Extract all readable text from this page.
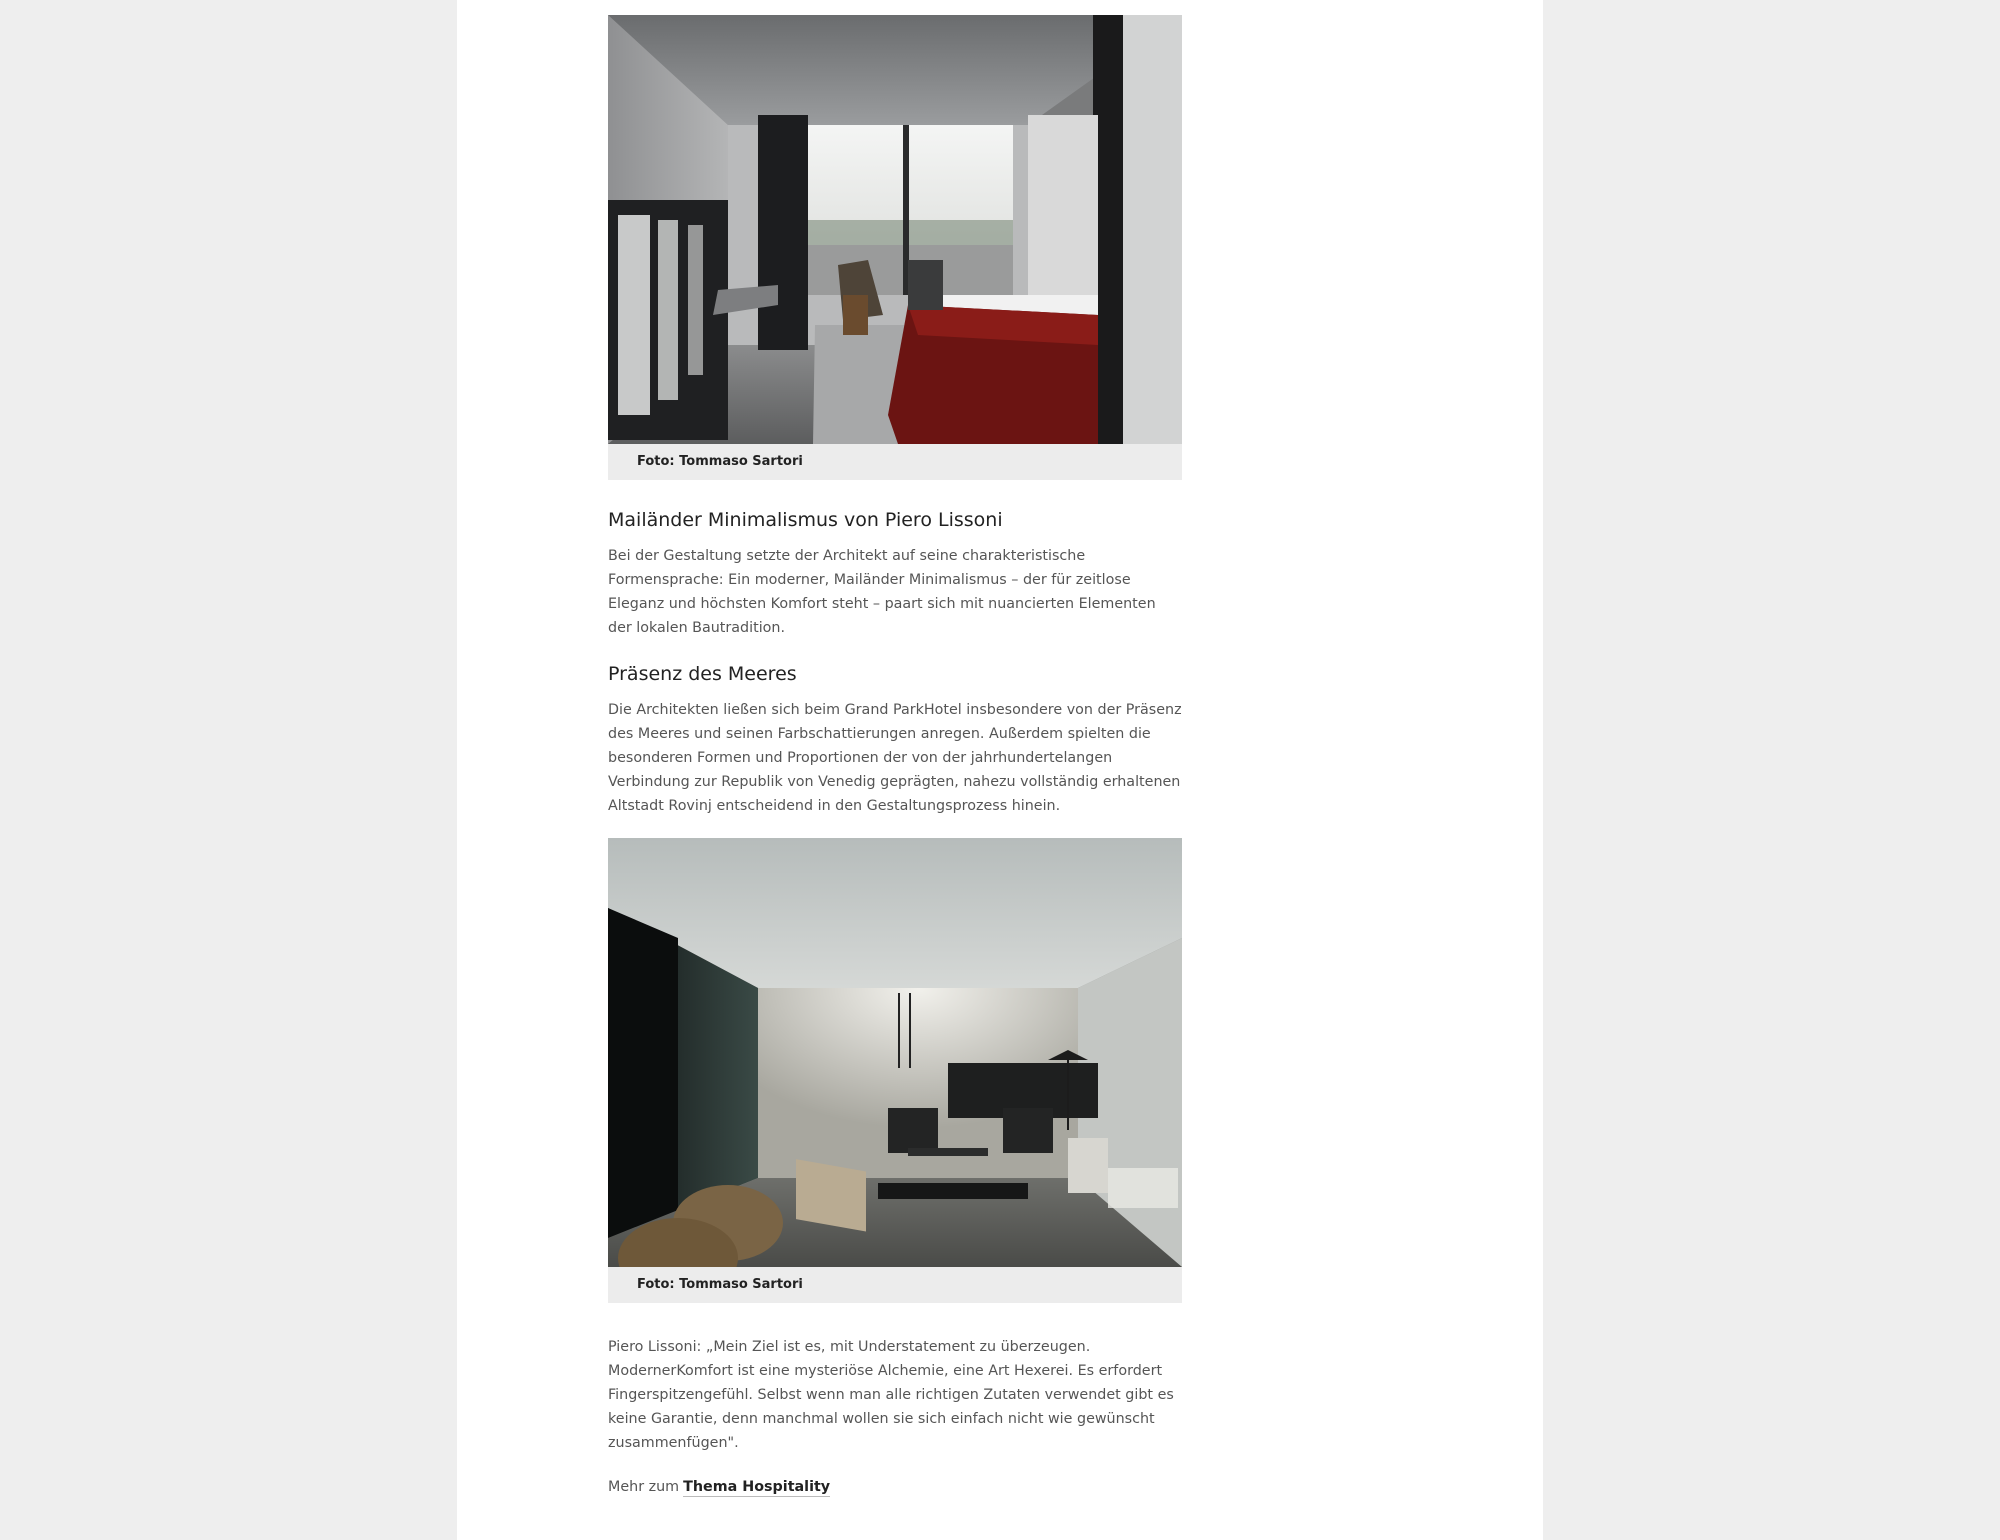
Foto: Tommaso Sartori
Mailänder Minimalismus von Piero Lissoni

Bei der Gestaltung setzte der Architekt auf seine charakteristische Formensprache: Ein moderner, Mailänder Minimalismus – der für zeitlose Eleganz und höchsten Komfort steht – paart sich mit nuancierten Elementen der lokalen Bautradition.

Präsenz des Meeres

Die Architekten ließen sich beim Grand ParkHotel insbesondere von der Präsenz des Meeres und seinen Farbschattierungen anregen. Außerdem spielten die besonderen Formen und Proportionen der von der jahrhundertelangen Verbindung zur Republik von Venedig geprägten, nahezu vollständig erhaltenen Altstadt Rovinj entscheidend in den Gestaltungsprozess hinein.

Foto: Tommaso Sartori

Piero Lissoni: „Mein Ziel ist es, mit Understatement zu überzeugen. ModernerKomfort ist eine mysteriöse Alchemie, eine Art Hexerei. Es erfordert Fingerspitzengefühl. Selbst wenn man alle richtigen Zutaten verwendet gibt es keine Garantie, denn manchmal wollen sie sich einfach nicht wie gewünscht zusammenfügen".

Mehr zum Thema Hospitality
